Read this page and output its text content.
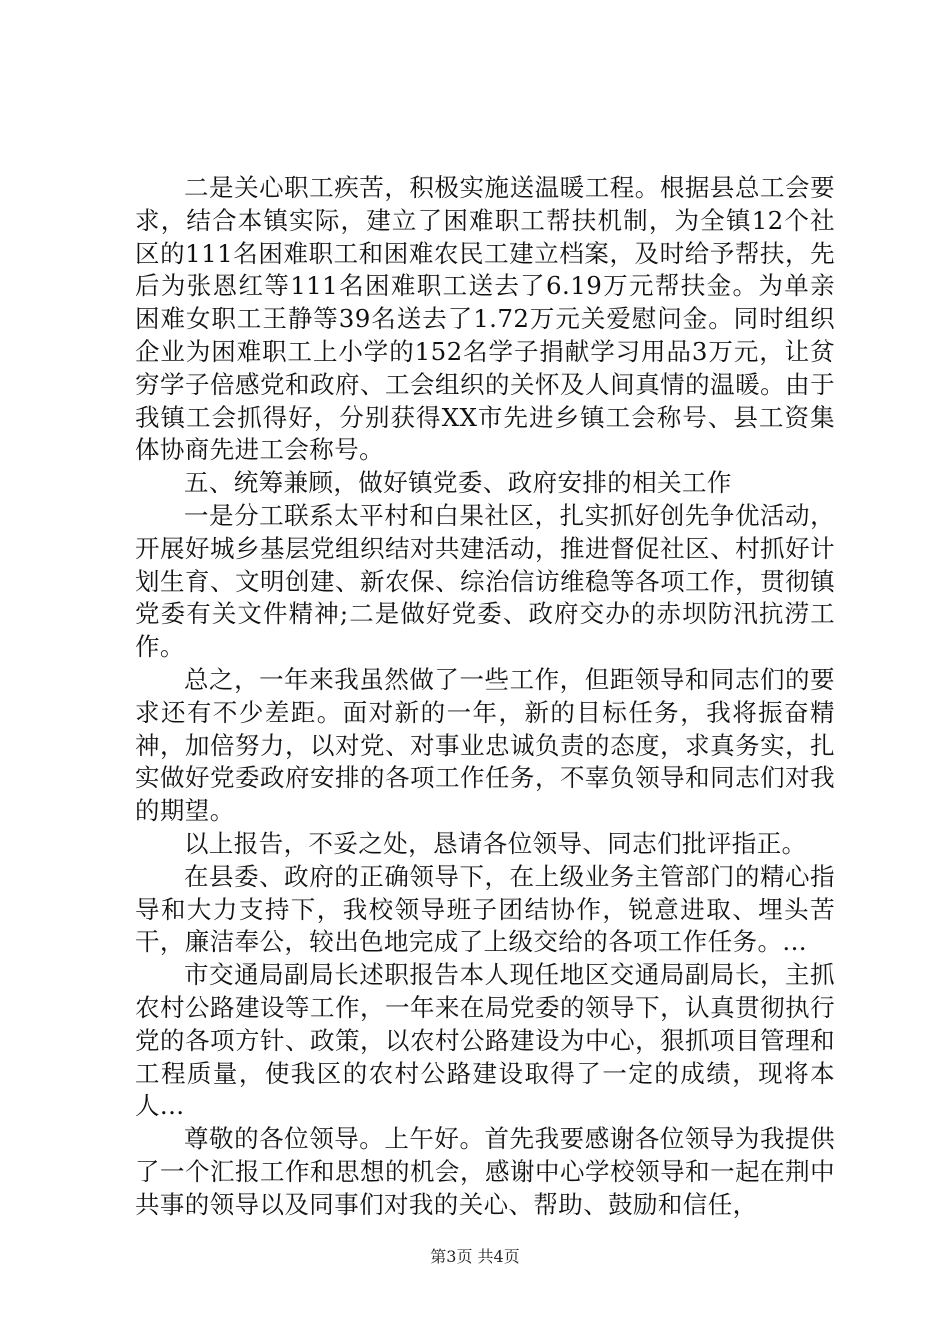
二是关心职工疾苦，积极实施送温暖工程。根据县总工会要求，结合本镇实际，建立了困难职工帮扶机制，为全镇12个社区的111名困难职工和困难农民工建立档案，及时给予帮扶，先后为张恩红等111名困难职工送去了6.19万元帮扶金。为单亲困难女职工王静等39名送去了1.72万元关爱慰问金。同时组织企业为困难职工上小学的152名学子捐献学习用品3万元，让贫穷学子倍感党和政府、工会组织的关怀及人间真情的温暖。由于我镇工会抓得好，分别获得XX市先进乡镇工会称号、县工资集体协商先进工会称号。

五、统筹兼顾，做好镇党委、政府安排的相关工作

一是分工联系太平村和白果社区，扎实抓好创先争优活动，开展好城乡基层党组织结对共建活动，推进督促社区、村抓好计划生育、文明创建、新农保、综治信访维稳等各项工作，贯彻镇党委有关文件精神;二是做好党委、政府交办的赤坝防汛抗涝工作。

总之，一年来我虽然做了一些工作，但距领导和同志们的要求还有不少差距。面对新的一年，新的目标任务，我将振奋精神，加倍努力，以对党、对事业忠诚负责的态度，求真务实，扎实做好党委政府安排的各项工作任务，不辜负领导和同志们对我的期望。

以上报告，不妥之处，恳请各位领导、同志们批评指正。

在县委、政府的正确领导下，在上级业务主管部门的精心指导和大力支持下，我校领导班子团结协作，锐意进取、埋头苦干，廉洁奉公，较出色地完成了上级交给的各项工作任务。...

市交通局副局长述职报告本人现任地区交通局副局长，主抓农村公路建设等工作，一年来在局党委的领导下，认真贯彻执行党的各项方针、政策，以农村公路建设为中心，狠抓项目管理和工程质量，使我区的农村公路建设取得了一定的成绩，现将本人...

尊敬的各位领导。上午好。首先我要感谢各位领导为我提供了一个汇报工作和思想的机会，感谢中心学校领导和一起在荆中共事的领导以及同事们对我的关心、帮助、鼓励和信任，

第3页 共4页
